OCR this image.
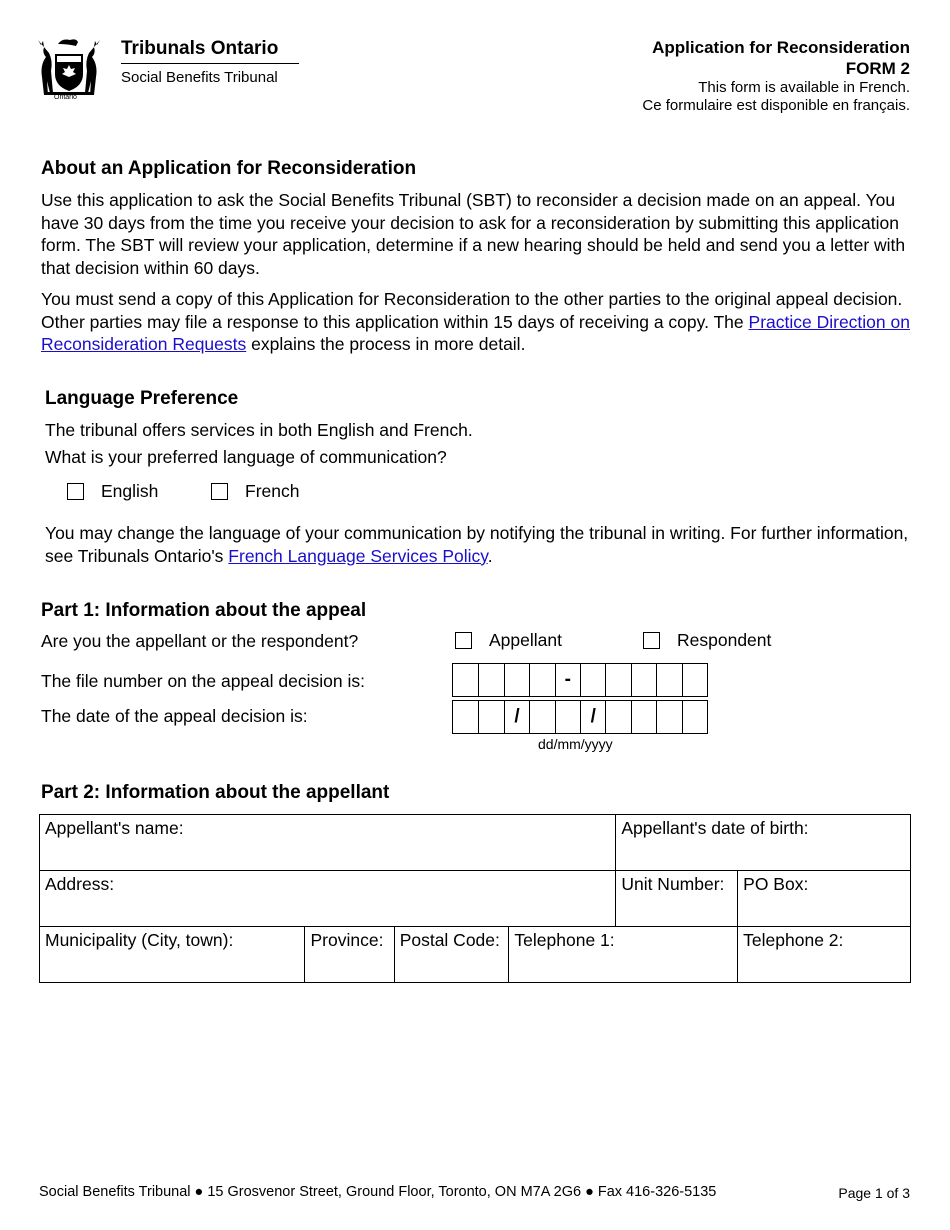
Ontario
Tribunals Ontario
Social Benefits Tribunal
Application for Reconsideration
FORM 2
This form is available in French.
Ce formulaire est disponible en français.
About an Application for Reconsideration

Use this application to ask the Social Benefits Tribunal (SBT) to reconsider a decision made on an appeal. You have 30 days from the time you receive your decision to ask for a reconsideration by submitting this application form. The SBT will review your application, determine if a new hearing should be held and send you a letter with that decision within 60 days.

You must send a copy of this Application for Reconsideration to the other parties to the original appeal decision. Other parties may file a response to this application within 15 days of receiving a copy. The Practice Direction on Reconsideration Requests explains the process in more detail.

Language Preference

The tribunal offers services in both English and French.

What is your preferred language of communication?

English	French

You may change the language of your communication by notifying the tribunal in writing. For further information, see Tribunals Ontario's French Language Services Policy.

Part 1: Information about the appeal

Are you the appellant or the respondent?	Appellant	Respondent

The file number on the appeal decision is:	-

The date of the appeal decision is:	/	/
dd/mm/yyyy
Part 2: Information about the appellant
Appellant's name:				Appellant's date of birth:	
Address:				Unit Number:	PO Box:
Municipality (City, town):	Province:	Postal Code:	Telephone 1:		Telephone 2:
Social Benefits Tribunal ● 15 Grosvenor Street, Ground Floor, Toronto, ON M7A 2G6 ● Fax 416-326-5135	Page 1 of 3
